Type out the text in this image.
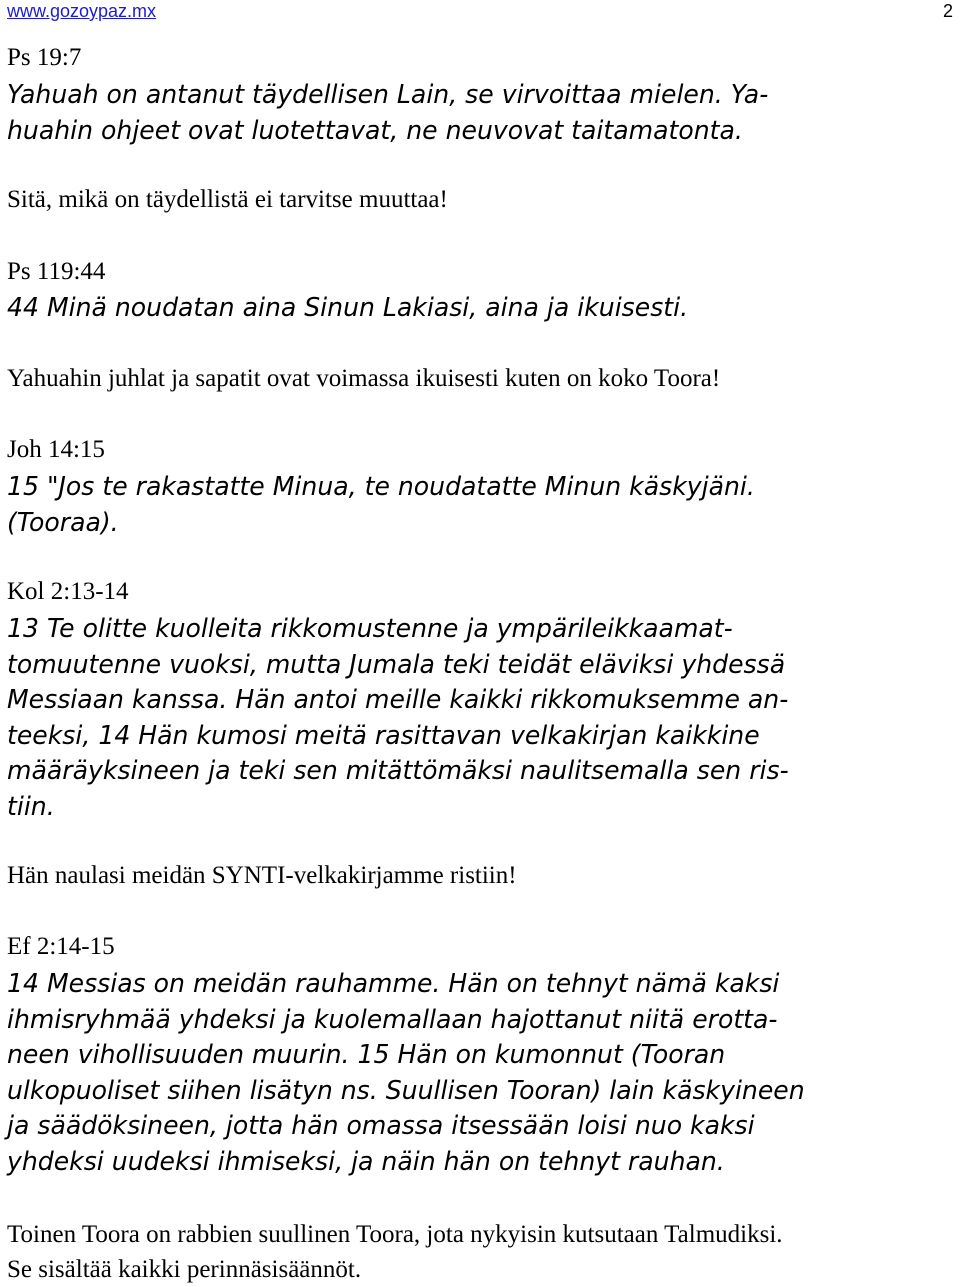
www.gozoypaz.mx	2
Ps 19:7
Yahuah on antanut täydellisen Lain, se virvoittaa mielen. Ya-
huahin ohjeet ovat luotettavat, ne neuvovat taitamatonta.
Sitä, mikä on täydellistä ei tarvitse muuttaa!
Ps 119:44
44 Minä noudatan aina Sinun Lakiasi, aina ja ikuisesti.
Yahuahin juhlat ja sapatit ovat voimassa ikuisesti kuten on koko Toora!
Joh 14:15
15 "Jos te rakastatte Minua, te noudatatte Minun käskyjäni.
(Tooraa).
Kol 2:13-14
13 Te olitte kuolleita rikkomustenne ja ympärileikkaamat-
tomuutenne vuoksi, mutta Jumala teki teidät eläviksi yhdessä
Messiaan kanssa. Hän antoi meille kaikki rikkomuksemme an-
teeksi, 14 Hän kumosi meitä rasittavan velkakirjan kaikkine
määräyksineen ja teki sen mitättömäksi naulitsemalla sen ris-
tiin.
Hän naulasi meidän SYNTI-velkakirjamme ristiin!
Ef 2:14-15
14 Messias on meidän rauhamme. Hän on tehnyt nämä kaksi
ihmisryhmää yhdeksi ja kuolemallaan hajottanut niitä erotta-
neen vihollisuuden muurin. 15 Hän on kumonnut (Tooran
ulkopuoliset siihen lisätyn ns. Suullisen Tooran) lain käskyineen
ja säädöksineen, jotta hän omassa itsessään loisi nuo kaksi
yhdeksi uudeksi ihmiseksi, ja näin hän on tehnyt rauhan.
Toinen Toora on rabbien suullinen Toora, jota nykyisin kutsutaan Talmudiksi.
Se sisältää kaikki perinnäsisäännöt.
